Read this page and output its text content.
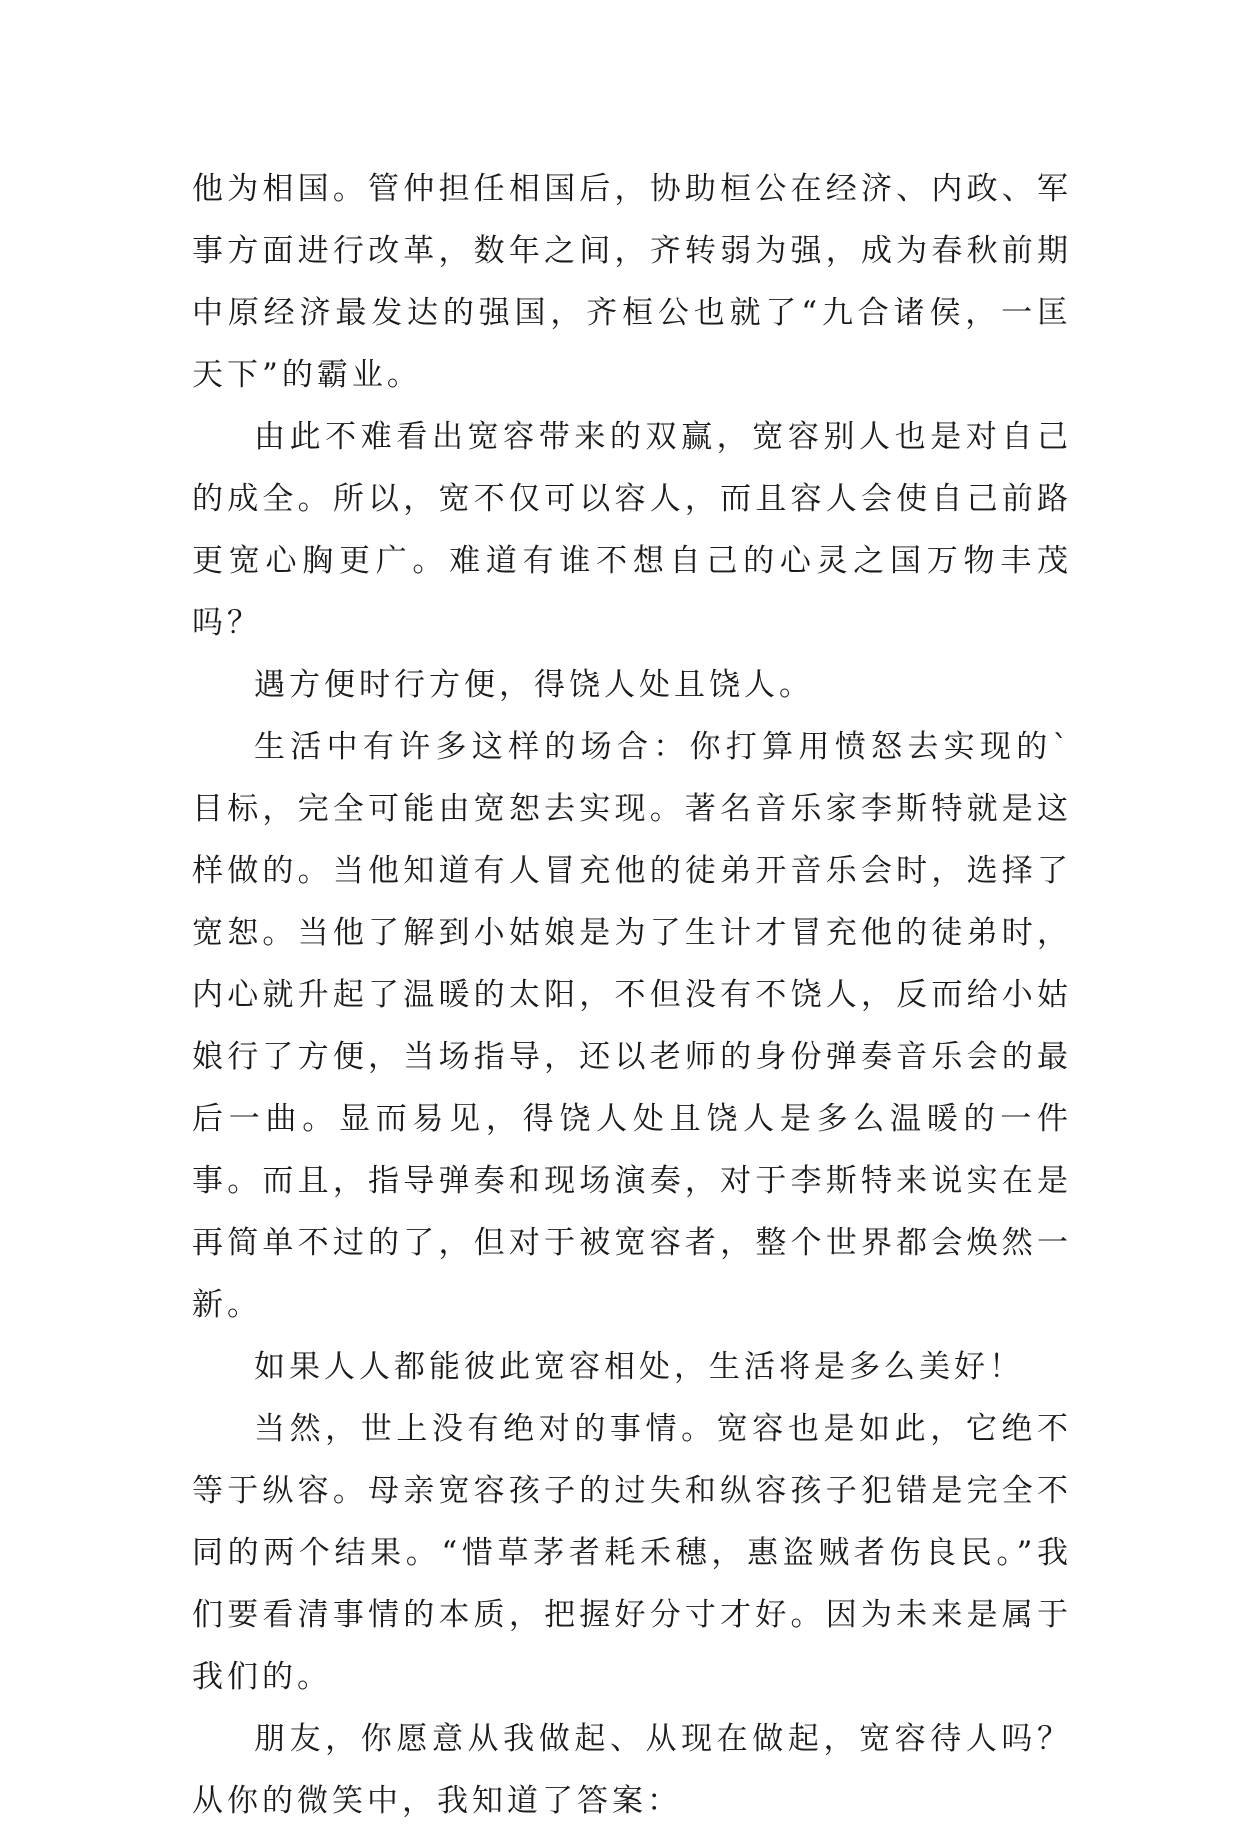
他为相国。管仲担任相国后，协助桓公在经济、内政、军事方面进行改革，数年之间，齐转弱为强，成为春秋前期中原经济最发达的强国，齐桓公也就了“九合诸侯，一匡天下”的霸业。

由此不难看出宽容带来的双赢，宽容别人也是对自己的成全。所以，宽不仅可以容人，而且容人会使自己前路更宽心胸更广。难道有谁不想自己的心灵之国万物丰茂吗？

遇方便时行方便，得饶人处且饶人。

生活中有许多这样的场合：你打算用愤怒去实现的`目标，完全可能由宽恕去实现。著名音乐家李斯特就是这样做的。当他知道有人冒充他的徒弟开音乐会时，选择了宽恕。当他了解到小姑娘是为了生计才冒充他的徒弟时，内心就升起了温暖的太阳，不但没有不饶人，反而给小姑娘行了方便，当场指导，还以老师的身份弹奏音乐会的最后一曲。显而易见，得饶人处且饶人是多么温暖的一件事。而且，指导弹奏和现场演奏，对于李斯特来说实在是再简单不过的了，但对于被宽容者，整个世界都会焕然一新。

如果人人都能彼此宽容相处，生活将是多么美好！

当然，世上没有绝对的事情。宽容也是如此，它绝不等于纵容。母亲宽容孩子的过失和纵容孩子犯错是完全不同的两个结果。“惜草茅者耗禾穗，惠盗贼者伤良民。”我们要看清事情的本质，把握好分寸才好。因为未来是属于我们的。

朋友，你愿意从我做起、从现在做起，宽容待人吗？从你的微笑中，我知道了答案：
